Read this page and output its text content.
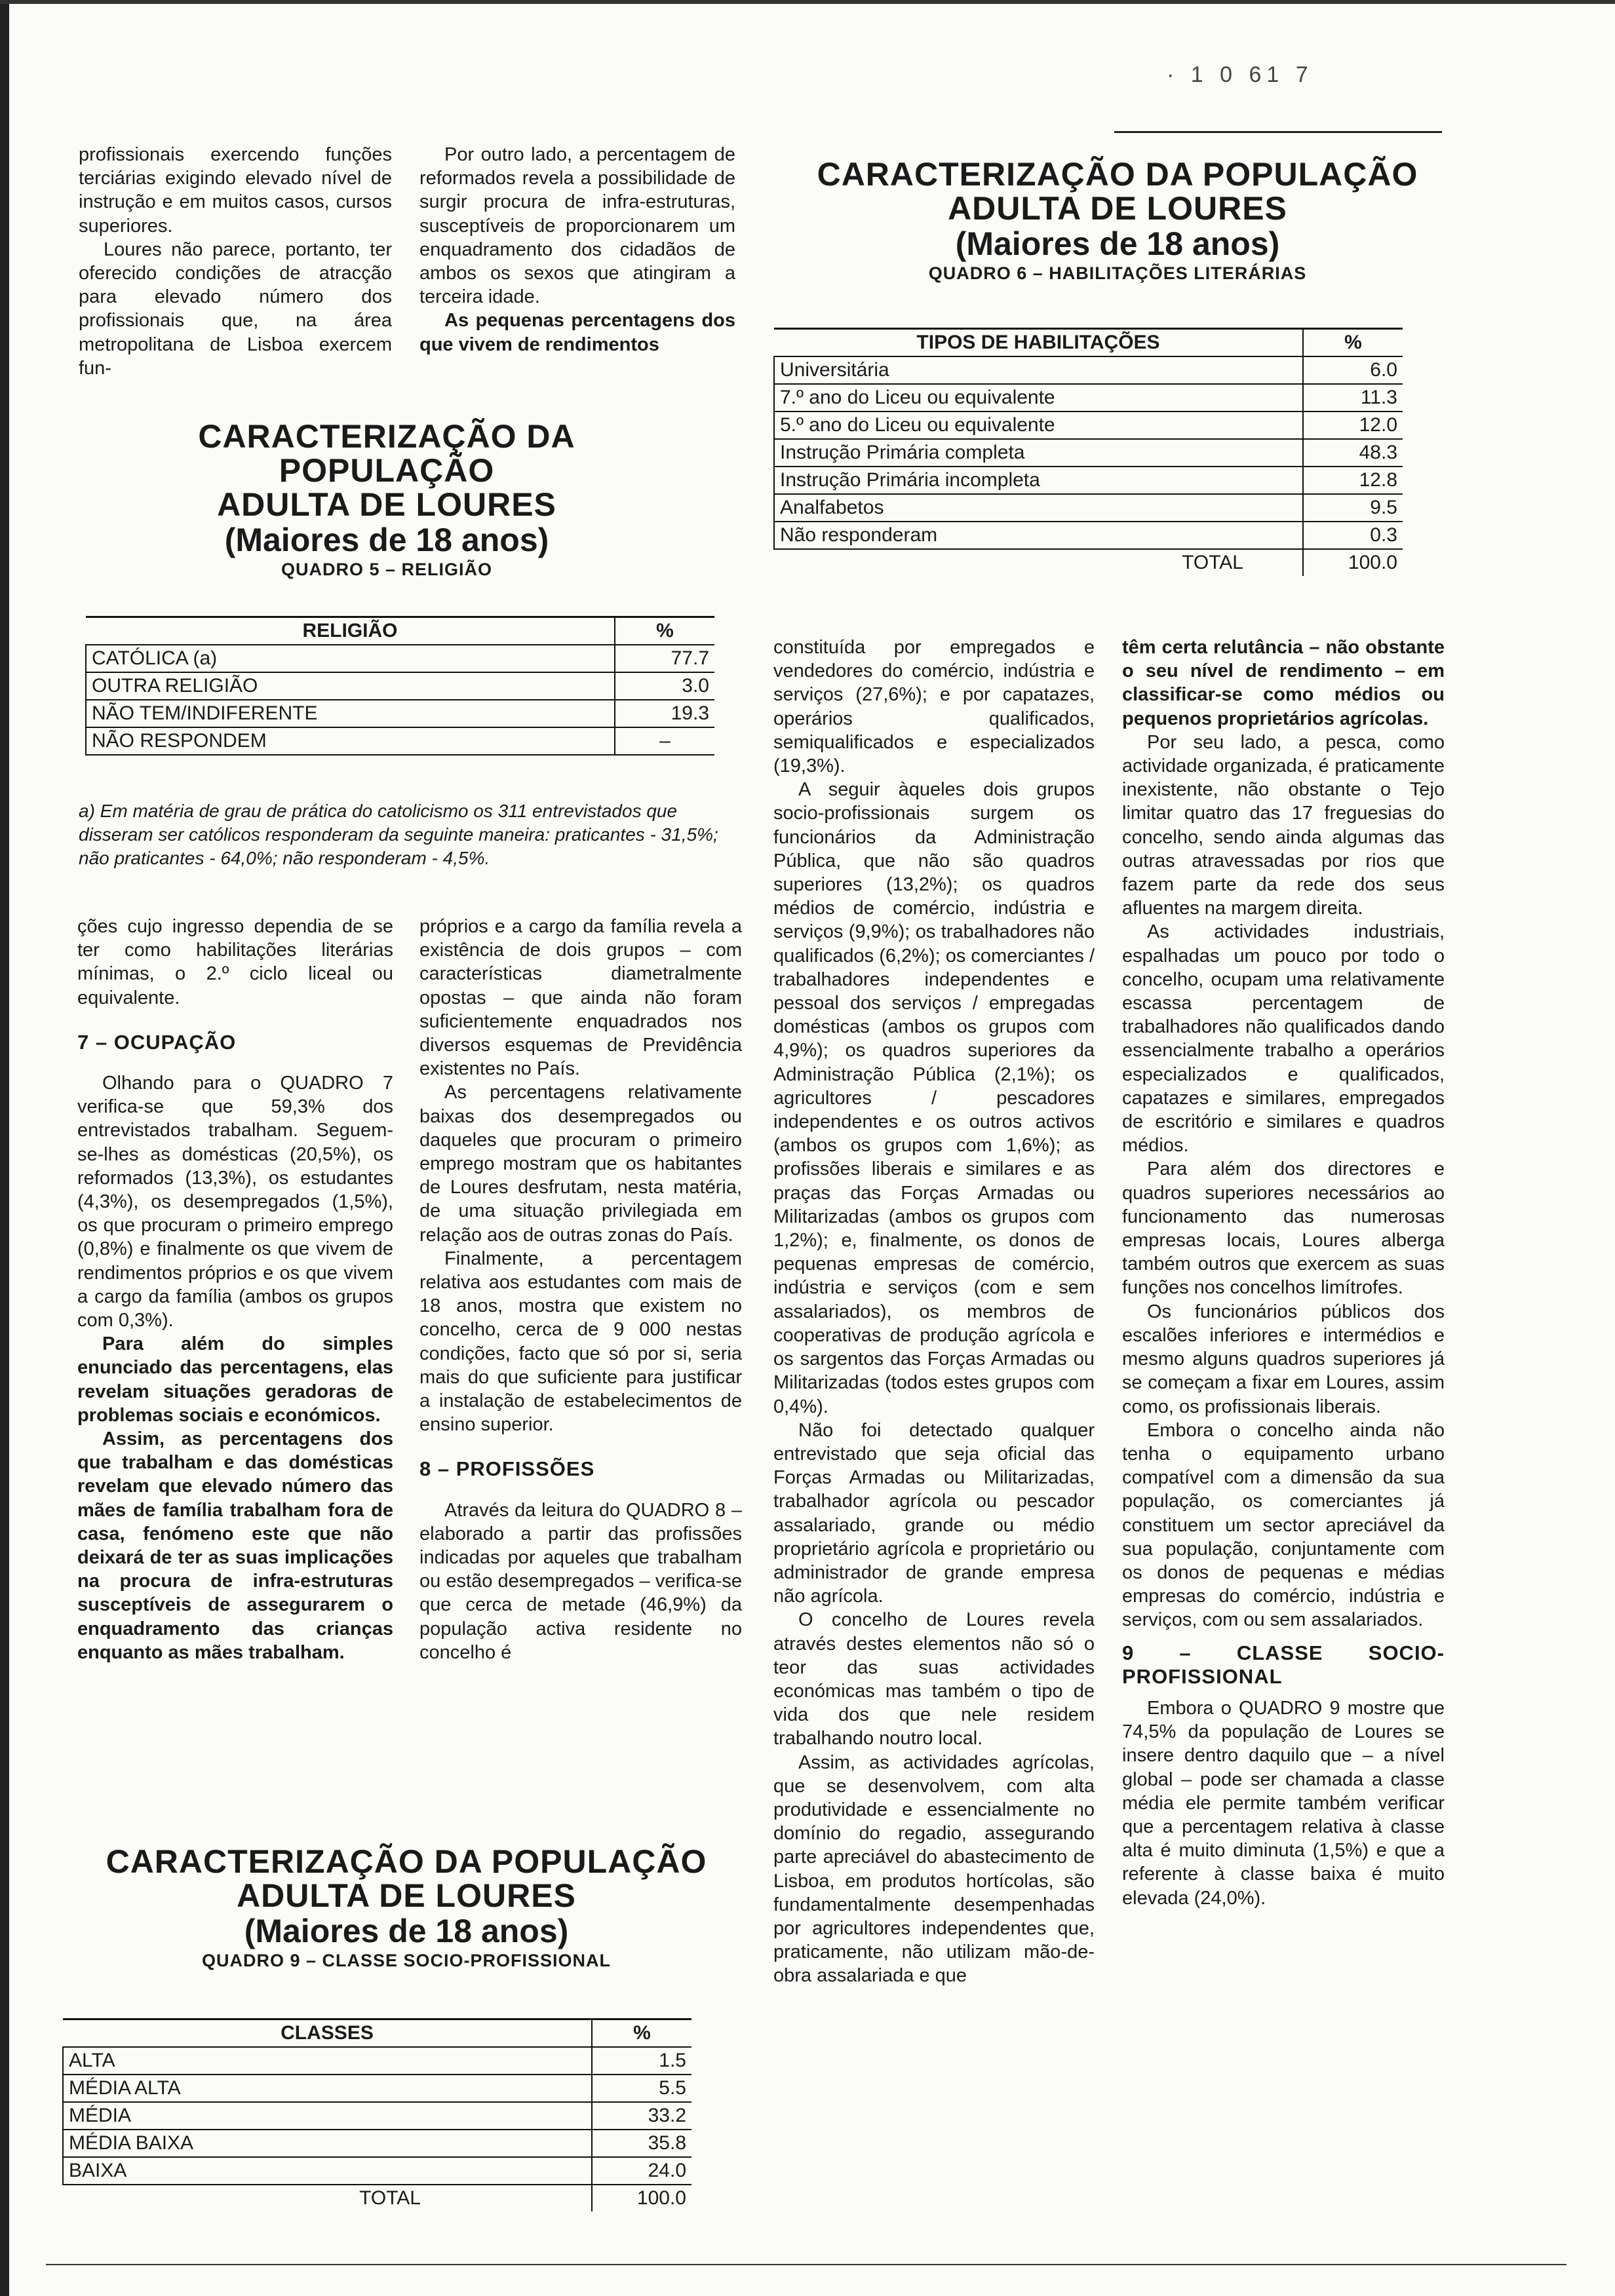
· 1 0 61 7

profissionais exercendo funções terciárias exigindo elevado nível de instrução e em muitos casos, cursos superiores.

Loures não parece, portanto, ter oferecido condições de atracção para elevado número dos profissionais que, na área metropolitana de Lisboa exercem fun-

Por outro lado, a percentagem de reformados revela a possibilidade de surgir procura de infra-estruturas, susceptíveis de proporcionarem um enquadramento dos cidadãos de ambos os sexos que atingiram a terceira idade.

As pequenas percentagens dos que vivem de rendimentos

CARACTERIZAÇÃO DA POPULAÇÃO
ADULTA DE LOURES
(Maiores de 18 anos)
QUADRO 6 – HABILITAÇÕES LITERÁRIAS
TIPOS DE HABILITAÇÕES	%
Universitária	6.0
7.º ano do Liceu ou equivalente	11.3
5.º ano do Liceu ou equivalente	12.0
Instrução Primária completa	48.3
Instrução Primária incompleta	12.8
Analfabetos	9.5
Não responderam	0.3
TOTAL	100.0
CARACTERIZAÇÃO DA POPULAÇÃO
ADULTA DE LOURES
(Maiores de 18 anos)
QUADRO 5 – RELIGIÃO
RELIGIÃO	%
CATÓLICA (a)	77.7
OUTRA RELIGIÃO	3.0
NÃO TEM/INDIFERENTE	19.3
NÃO RESPONDEM	–
a) Em matéria de grau de prática do catolicismo os 311 entrevistados que disseram ser católicos responderam da seguinte maneira: praticantes - 31,5%; não praticantes - 64,0%; não responderam - 4,5%.

ções cujo ingresso dependia de se ter como habilitações literárias mínimas, o 2.º ciclo liceal ou equivalente.

7 – OCUPAÇÃO

Olhando para o QUADRO 7 verifica-se que 59,3% dos entrevistados trabalham. Seguem-se-lhes as domésticas (20,5%), os reformados (13,3%), os estudantes (4,3%), os desempregados (1,5%), os que procuram o primeiro emprego (0,8%) e finalmente os que vivem de rendimentos próprios e os que vivem a cargo da família (ambos os grupos com 0,3%).

Para além do simples enunciado das percentagens, elas revelam situações geradoras de problemas sociais e económicos.

Assim, as percentagens dos que trabalham e das domésticas revelam que elevado número das mães de família trabalham fora de casa, fenómeno este que não deixará de ter as suas implicações na procura de infra-estruturas susceptíveis de assegurarem o enquadramento das crianças enquanto as mães trabalham.

próprios e a cargo da família revela a existência de dois grupos – com características diametralmente opostas – que ainda não foram suficientemente enquadrados nos diversos esquemas de Previdência existentes no País.

As percentagens relativamente baixas dos desempregados ou daqueles que procuram o primeiro emprego mostram que os habitantes de Loures desfrutam, nesta matéria, de uma situação privilegiada em relação aos de outras zonas do País.

Finalmente, a percentagem relativa aos estudantes com mais de 18 anos, mostra que existem no concelho, cerca de 9 000 nestas condições, facto que só por si, seria mais do que suficiente para justificar a instalação de estabelecimentos de ensino superior.

8 – PROFISSÕES

Através da leitura do QUADRO 8 – elaborado a partir das profissões indicadas por aqueles que trabalham ou estão desempregados – verifica-se que cerca de metade (46,9%) da população activa residente no concelho é

constituída por empregados e vendedores do comércio, indústria e serviços (27,6%); e por capatazes, operários qualificados, semiqualificados e especializados (19,3%).

A seguir àqueles dois grupos socio-profissionais surgem os funcionários da Administração Pública, que não são quadros superiores (13,2%); os quadros médios de comércio, indústria e serviços (9,9%); os trabalhadores não qualificados (6,2%); os comerciantes / trabalhadores independentes e pessoal dos serviços / empregadas domésticas (ambos os grupos com 4,9%); os quadros superiores da Administração Pública (2,1%); os agricultores / pescadores independentes e os outros activos (ambos os grupos com 1,6%); as profissões liberais e similares e as praças das Forças Armadas ou Militarizadas (ambos os grupos com 1,2%); e, finalmente, os donos de pequenas empresas de comércio, indústria e serviços (com e sem assalariados), os membros de cooperativas de produção agrícola e os sargentos das Forças Armadas ou Militarizadas (todos estes grupos com 0,4%).

Não foi detectado qualquer entrevistado que seja oficial das Forças Armadas ou Militarizadas, trabalhador agrícola ou pescador assalariado, grande ou médio proprietário agrícola e proprietário ou administrador de grande empresa não agrícola.

O concelho de Loures revela através destes elementos não só o teor das suas actividades económicas mas também o tipo de vida dos que nele residem trabalhando noutro local.

Assim, as actividades agrícolas, que se desenvolvem, com alta produtividade e essencialmente no domínio do regadio, assegurando parte apreciável do abastecimento de Lisboa, em produtos hortícolas, são fundamentalmente desempenhadas por agricultores independentes que, praticamente, não utilizam mão-de-obra assalariada e que

têm certa relutância – não obstante o seu nível de rendimento – em classificar-se como médios ou pequenos proprietários agrícolas.

Por seu lado, a pesca, como actividade organizada, é praticamente inexistente, não obstante o Tejo limitar quatro das 17 freguesias do concelho, sendo ainda algumas das outras atravessadas por rios que fazem parte da rede dos seus afluentes na margem direita.

As actividades industriais, espalhadas um pouco por todo o concelho, ocupam uma relativamente escassa percentagem de trabalhadores não qualificados dando essencialmente trabalho a operários especializados e qualificados, capatazes e similares, empregados de escritório e similares e quadros médios.

Para além dos directores e quadros superiores necessários ao funcionamento das numerosas empresas locais, Loures alberga também outros que exercem as suas funções nos concelhos limítrofes.

Os funcionários públicos dos escalões inferiores e intermédios e mesmo alguns quadros superiores já se começam a fixar em Loures, assim como, os profissionais liberais.

Embora o concelho ainda não tenha o equipamento urbano compatível com a dimensão da sua população, os comerciantes já constituem um sector apreciável da sua população, conjuntamente com os donos de pequenas e médias empresas do comércio, indústria e serviços, com ou sem assalariados.

9 – CLASSE SOCIO-PROFISSIONAL

Embora o QUADRO 9 mostre que 74,5% da população de Loures se insere dentro daquilo que – a nível global – pode ser chamada a classe média ele permite também verificar que a percentagem relativa à classe alta é muito diminuta (1,5%) e que a referente à classe baixa é muito elevada (24,0%).

CARACTERIZAÇÃO DA POPULAÇÃO
ADULTA DE LOURES
(Maiores de 18 anos)
QUADRO 9 – CLASSE SOCIO-PROFISSIONAL
CLASSES	%
ALTA	1.5
MÉDIA ALTA	5.5
MÉDIA	33.2
MÉDIA BAIXA	35.8
BAIXA	24.0
TOTAL	100.0
